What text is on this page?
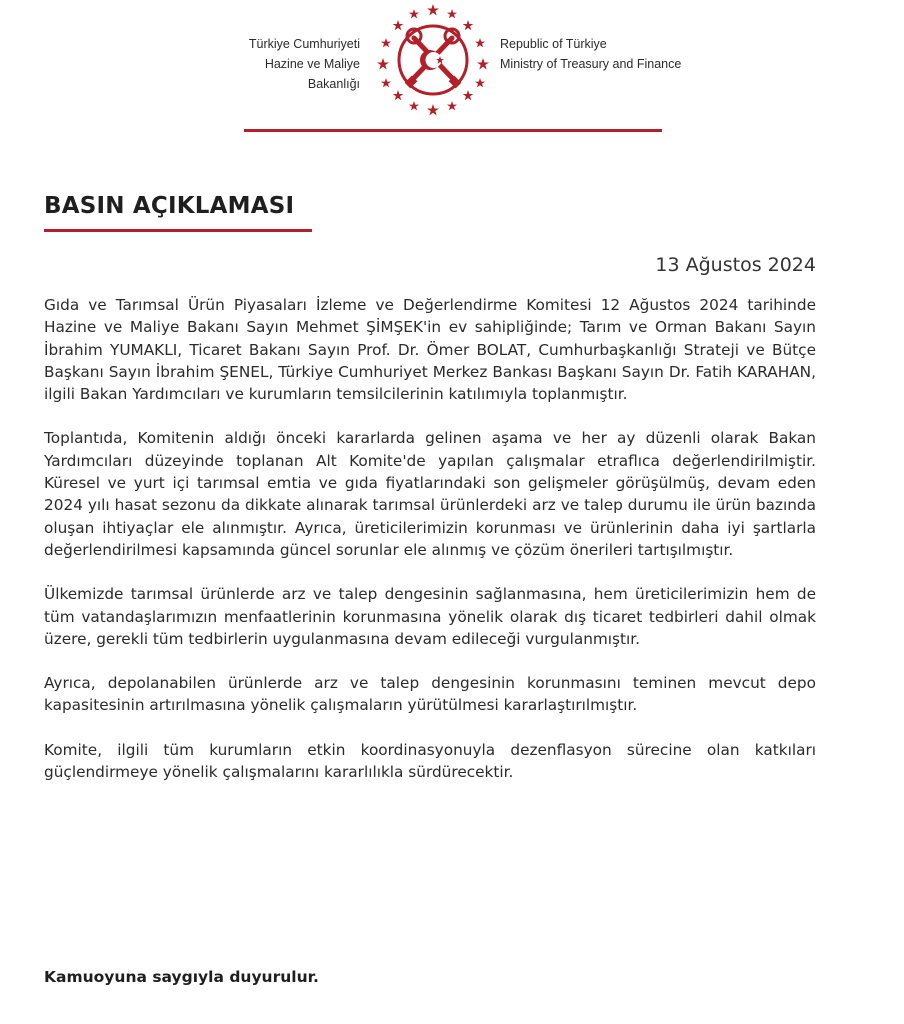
Türkiye Cumhuriyeti
Hazine ve Maliye Bakanlığı
Republic of Türkiye
Ministry of Treasury and Finance
BASIN AÇIKLAMASI
13 Ağustos 2024

Gıda ve Tarımsal Ürün Piyasaları İzleme ve Değerlendirme Komitesi 12 Ağustos 2024 tarihinde Hazine ve Maliye Bakanı Sayın Mehmet ŞİMŞEK'in ev sahipliğinde; Tarım ve Orman Bakanı Sayın İbrahim YUMAKLI, Ticaret Bakanı Sayın Prof. Dr. Ömer BOLAT, Cumhurbaşkanlığı Strateji ve Bütçe Başkanı Sayın İbrahim ŞENEL, Türkiye Cumhuriyet Merkez Bankası Başkanı Sayın Dr. Fatih KARAHAN, ilgili Bakan Yardımcıları ve kurumların temsilcilerinin katılımıyla toplanmıştır.

Toplantıda, Komitenin aldığı önceki kararlarda gelinen aşama ve her ay düzenli olarak Bakan Yardımcıları düzeyinde toplanan Alt Komite'de yapılan çalışmalar etraflıca değerlendirilmiştir. Küresel ve yurt içi tarımsal emtia ve gıda fiyatlarındaki son gelişmeler görüşülmüş, devam eden 2024 yılı hasat sezonu da dikkate alınarak tarımsal ürünlerdeki arz ve talep durumu ile ürün bazında oluşan ihtiyaçlar ele alınmıştır. Ayrıca, üreticilerimizin korunması ve ürünlerinin daha iyi şartlarla değerlendirilmesi kapsamında güncel sorunlar ele alınmış ve çözüm önerileri tartışılmıştır.

Ülkemizde tarımsal ürünlerde arz ve talep dengesinin sağlanmasına, hem üreticilerimizin hem de tüm vatandaşlarımızın menfaatlerinin korunmasına yönelik olarak dış ticaret tedbirleri dahil olmak üzere, gerekli tüm tedbirlerin uygulanmasına devam edileceği vurgulanmıştır.

Ayrıca, depolanabilen ürünlerde arz ve talep dengesinin korunmasını teminen mevcut depo kapasitesinin artırılmasına yönelik çalışmaların yürütülmesi kararlaştırılmıştır.

Komite, ilgili tüm kurumların etkin koordinasyonuyla dezenflasyon sürecine olan katkıları güçlendirmeye yönelik çalışmalarını kararlılıkla sürdürecektir.

Kamuoyuna saygıyla duyurulur.
